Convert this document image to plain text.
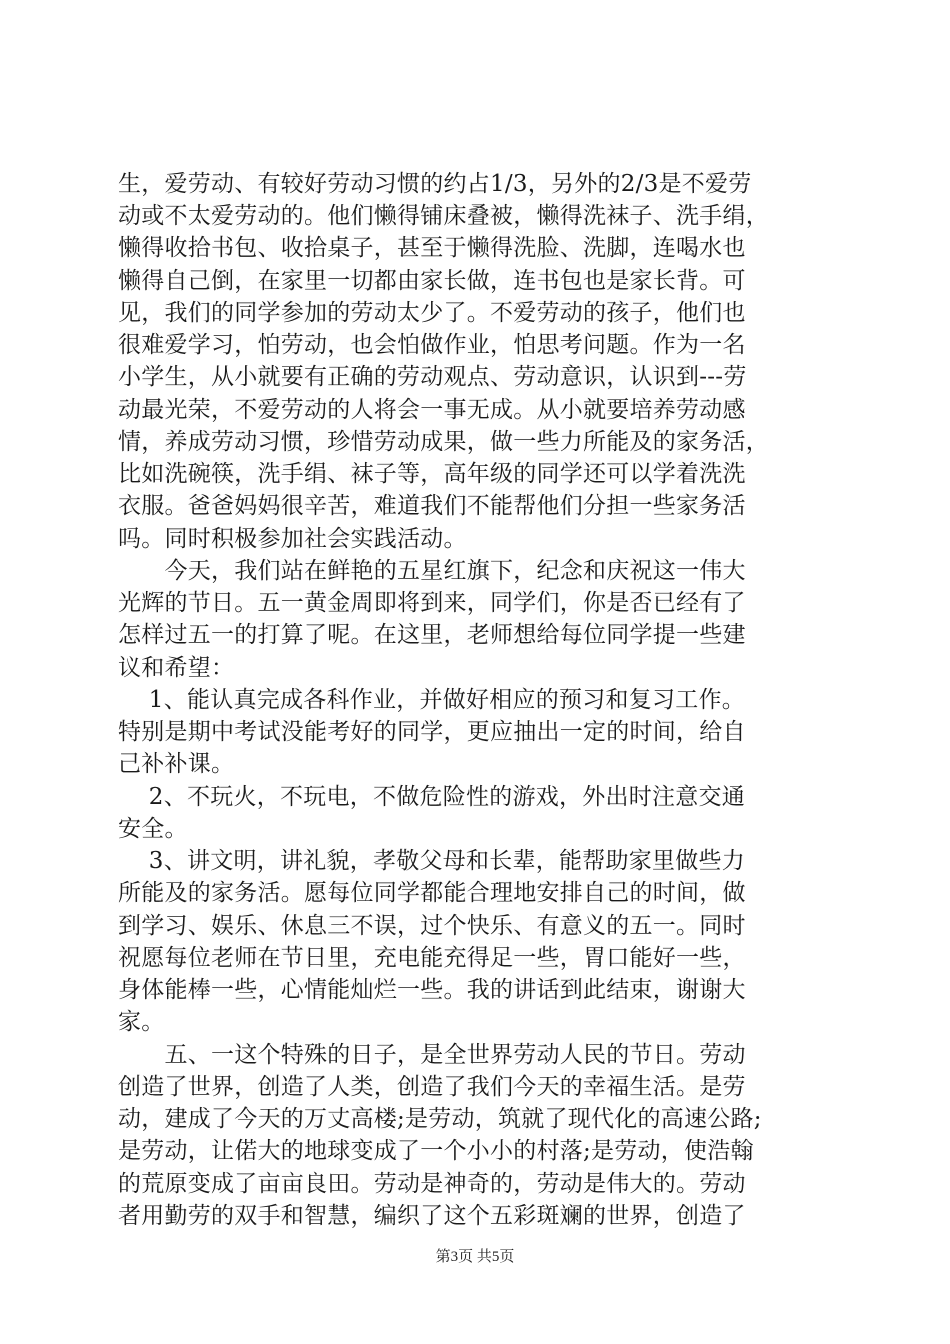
生，爱劳动、有较好劳动习惯的约占1/3，另外的2/3是不爱劳
动或不太爱劳动的。他们懒得铺床叠被，懒得洗袜子、洗手绢，
懒得收拾书包、收拾桌子，甚至于懒得洗脸、洗脚，连喝水也
懒得自己倒，在家里一切都由家长做，连书包也是家长背。可
见，我们的同学参加的劳动太少了。不爱劳动的孩子，他们也
很难爱学习，怕劳动，也会怕做作业，怕思考问题。作为一名
小学生，从小就要有正确的劳动观点、劳动意识，认识到---劳
动最光荣，不爱劳动的人将会一事无成。从小就要培养劳动感
情，养成劳动习惯，珍惜劳动成果，做一些力所能及的家务活，
比如洗碗筷，洗手绢、袜子等，高年级的同学还可以学着洗洗
衣服。爸爸妈妈很辛苦，难道我们不能帮他们分担一些家务活
吗。同时积极参加社会实践活动。
　　今天，我们站在鲜艳的五星红旗下，纪念和庆祝这一伟大
光辉的节日。五一黄金周即将到来，同学们，你是否已经有了
怎样过五一的打算了呢。在这里，老师想给每位同学提一些建
议和希望：
　 1、能认真完成各科作业，并做好相应的预习和复习工作。
特别是期中考试没能考好的同学，更应抽出一定的时间，给自
己补补课。
　 2、不玩火，不玩电，不做危险性的游戏，外出时注意交通
安全。
　 3、讲文明，讲礼貌，孝敬父母和长辈，能帮助家里做些力
所能及的家务活。愿每位同学都能合理地安排自己的时间，做
到学习、娱乐、休息三不误，过个快乐、有意义的五一。同时
祝愿每位老师在节日里，充电能充得足一些，胃口能好一些，
身体能棒一些，心情能灿烂一些。我的讲话到此结束，谢谢大
家。
　　五、一这个特殊的日子，是全世界劳动人民的节日。劳动
创造了世界，创造了人类，创造了我们今天的幸福生活。是劳
动，建成了今天的万丈高楼;是劳动，筑就了现代化的高速公路;
是劳动，让偌大的地球变成了一个小小的村落;是劳动，使浩翰
的荒原变成了亩亩良田。劳动是神奇的，劳动是伟大的。劳动
者用勤劳的双手和智慧，编织了这个五彩斑斓的世界，创造了
第3页 共5页
